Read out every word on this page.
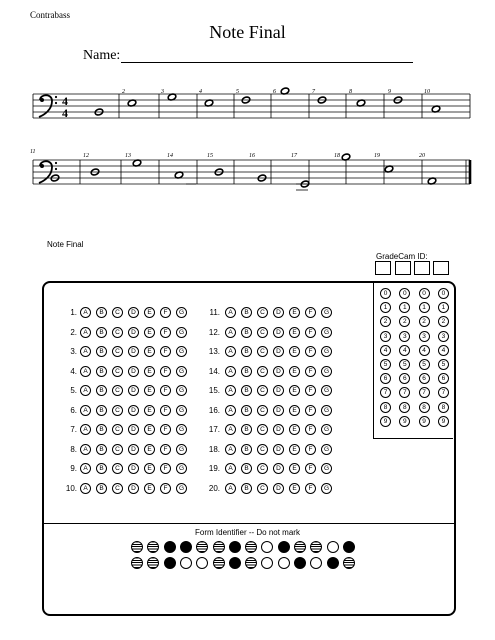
Contrabass
Note Final
Name:
4
4
2	3	4	5	6	7	8	9	10
11
12	13	14	15	16	17	18	19	20
Note Final
GradeCam ID:
Form Identifier -- Do not mark
1. A	B	C	D	E	F	G
2. A	B	C	D	E	F	G
3. A	B	C	D	E	F	G
4. A	B	C	D	E	F	G
5. A	B	C	D	E	F	G
6. A	B	C	D	E	F	G
7. A	B	C	D	E	F	G
8. A	B	C	D	E	F	G
9. A	B	C	D	E	F	G
10. A	B	C	D	E	F	G
11.	A	B	C	D	E	F	G
12.	A	B	C	D	E	F	G
13.	A	B	C	D	E	F	G
14.	A	B	C	D	E	F	G
15.	A	B	C	D	E	F	G
16.	A	B	C	D	E	F	G
17.	A	B	C	D	E	F	G
18.	A	B	C	D	E	F	G
19.	A	B	C	D	E	F	G
20.	A	B	C	D	E	F	G
0	0	0	0
1	1	1	1
2	2	2	2
3	3	3	3
4	4	4	4
5	5	5	5
6	6	6	6
7	7	7	7
8	8	8	8
9	9	9	9
